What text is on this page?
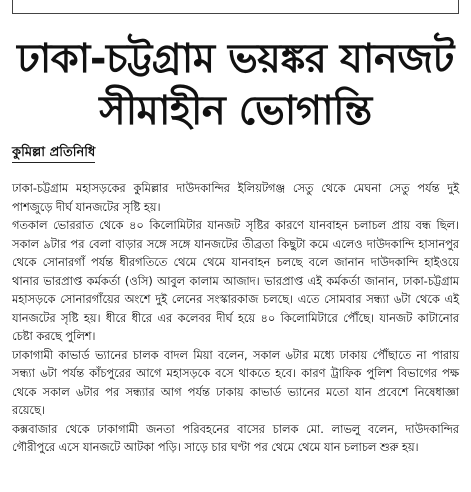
ঢাকা-চট্টগ্রাম ভয়ঙ্কর যানজট
সীমাহীন ভোগান্তি
কুমিল্লা প্রতিনিধি

ঢাকা-চট্টগ্রাম মহাসড়কের কুমিল্লার দাউদকান্দির ইলিয়টগঞ্জ সেতু থেকে মেঘনা সেতু পর্যন্ত দুই পাশজুড়ে দীর্ঘ যানজটের সৃষ্টি হয়।

গতকাল ভোররাত থেকে ৪০ কিলোমিটার যানজট সৃষ্টির কারণে যানবাহন চলাচল প্রায় বন্ধ ছিল। সকাল ৯টার পর বেলা বাড়ার সঙ্গে সঙ্গে যানজটের তীব্রতা কিছুটা কমে এলেও দাউদকান্দি হাসানপুর থেকে সোনারগাঁ পর্যন্ত ধীরগতিতে থেমে থেমে যানবাহন চলছে বলে জানান দাউদকান্দি হাইওয়ে থানার ভারপ্রাপ্ত কর্মকর্তা (ওসি) আবুল কালাম আজাদ। ভারপ্রাপ্ত এই কর্মকর্তা জানান, ঢাকা-চট্টগ্রাম মহাসড়কে সোনারগাঁয়ের অংশে দুই লেনের সংস্কারকাজ চলছে। এতে সোমবার সন্ধ্যা ৬টা থেকে এই যানজটের সৃষ্টি হয়। ধীরে ধীরে এর কলেবর দীর্ঘ হয়ে ৪০ কিলোমিটারে পৌঁছে। যানজট কাটানোর চেষ্টা করছে পুলিশ।

ঢাকাগামী কাভার্ড ভ্যানের চালক বাদল মিয়া বলেন, সকাল ৬টার মধ্যে ঢাকায় পৌঁছাতে না পারায় সন্ধ্যা ৬টা পর্যন্ত কাঁচপুরের আগে মহাসড়কে বসে থাকতে হবে। কারণ ট্রাফিক পুলিশ বিভাগের পক্ষ থেকে সকাল ৬টার পর সন্ধ্যার আগ পর্যন্ত ঢাকায় কাভার্ড ভ্যানের মতো যান প্রবেশে নিষেধাজ্ঞা রয়েছে।

কক্সবাজার থেকে ঢাকাগামী জনতা পরিবহনের বাসের চালক মো. লাভলু বলেন, দাউদকান্দির গৌরীপুরে এসে যানজটে আটকা পড়ি। সাড়ে চার ঘণ্টা পর থেমে থেমে যান চলাচল শুরু হয়।
